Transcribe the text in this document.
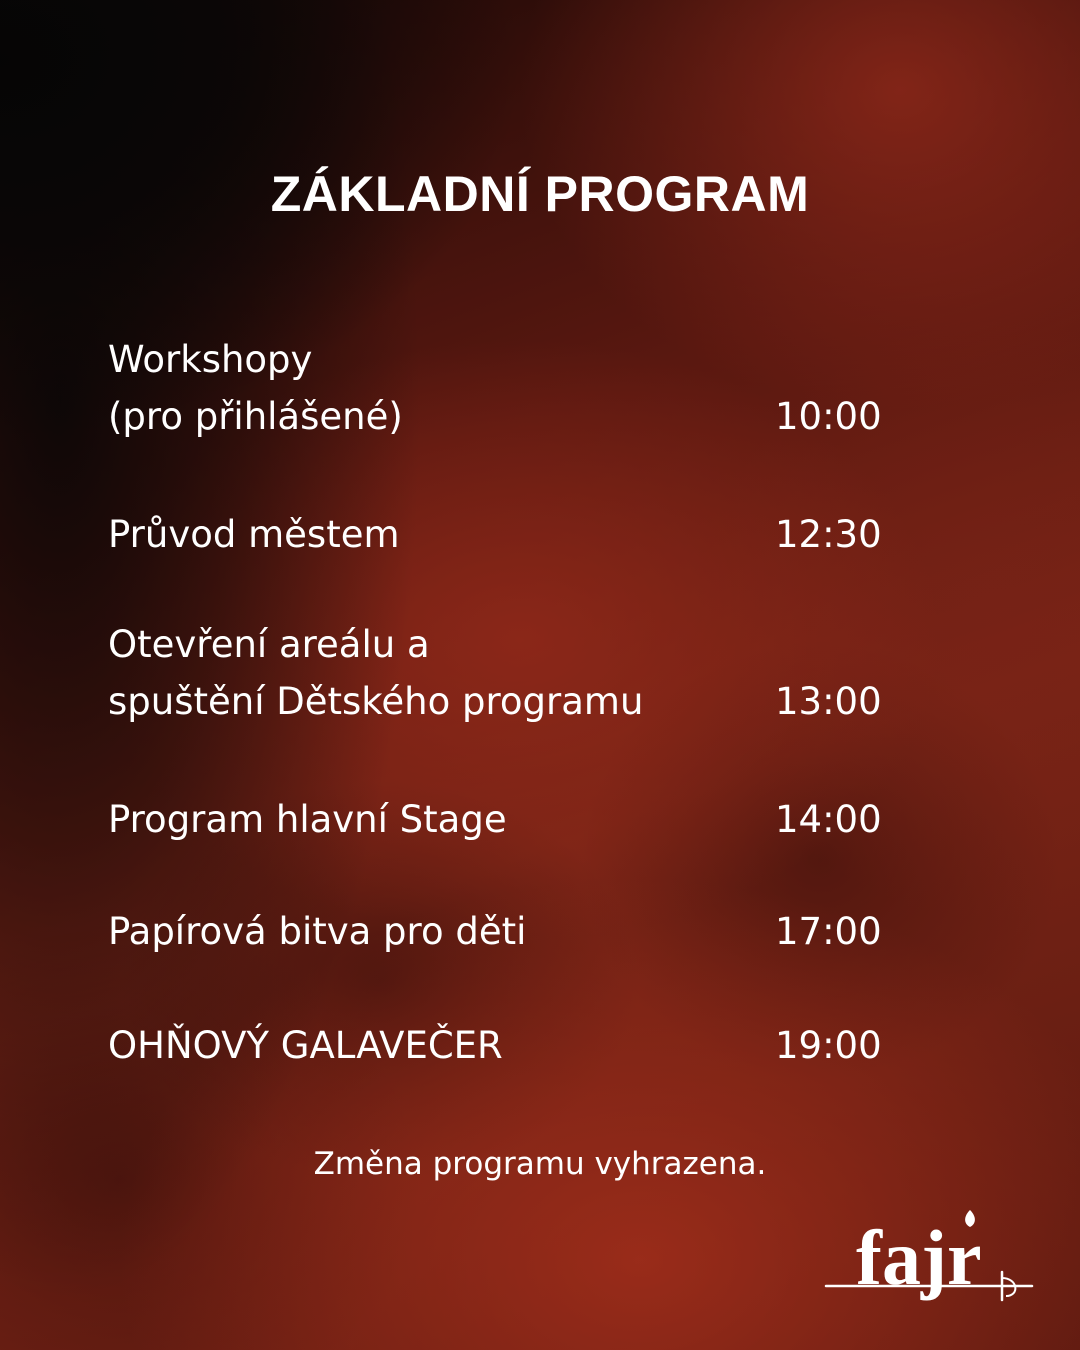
ZÁKLADNÍ PROGRAM
Workshopy
(pro přihlášené)	10:00
Průvod městem	12:30
Otevření areálu a
spuštění Dětského programu	13:00
Program hlavní Stage	14:00
Papírová bitva pro děti	17:00
OHŇOVÝ GALAVEČER	19:00
Změna programu vyhrazena.
fajr
